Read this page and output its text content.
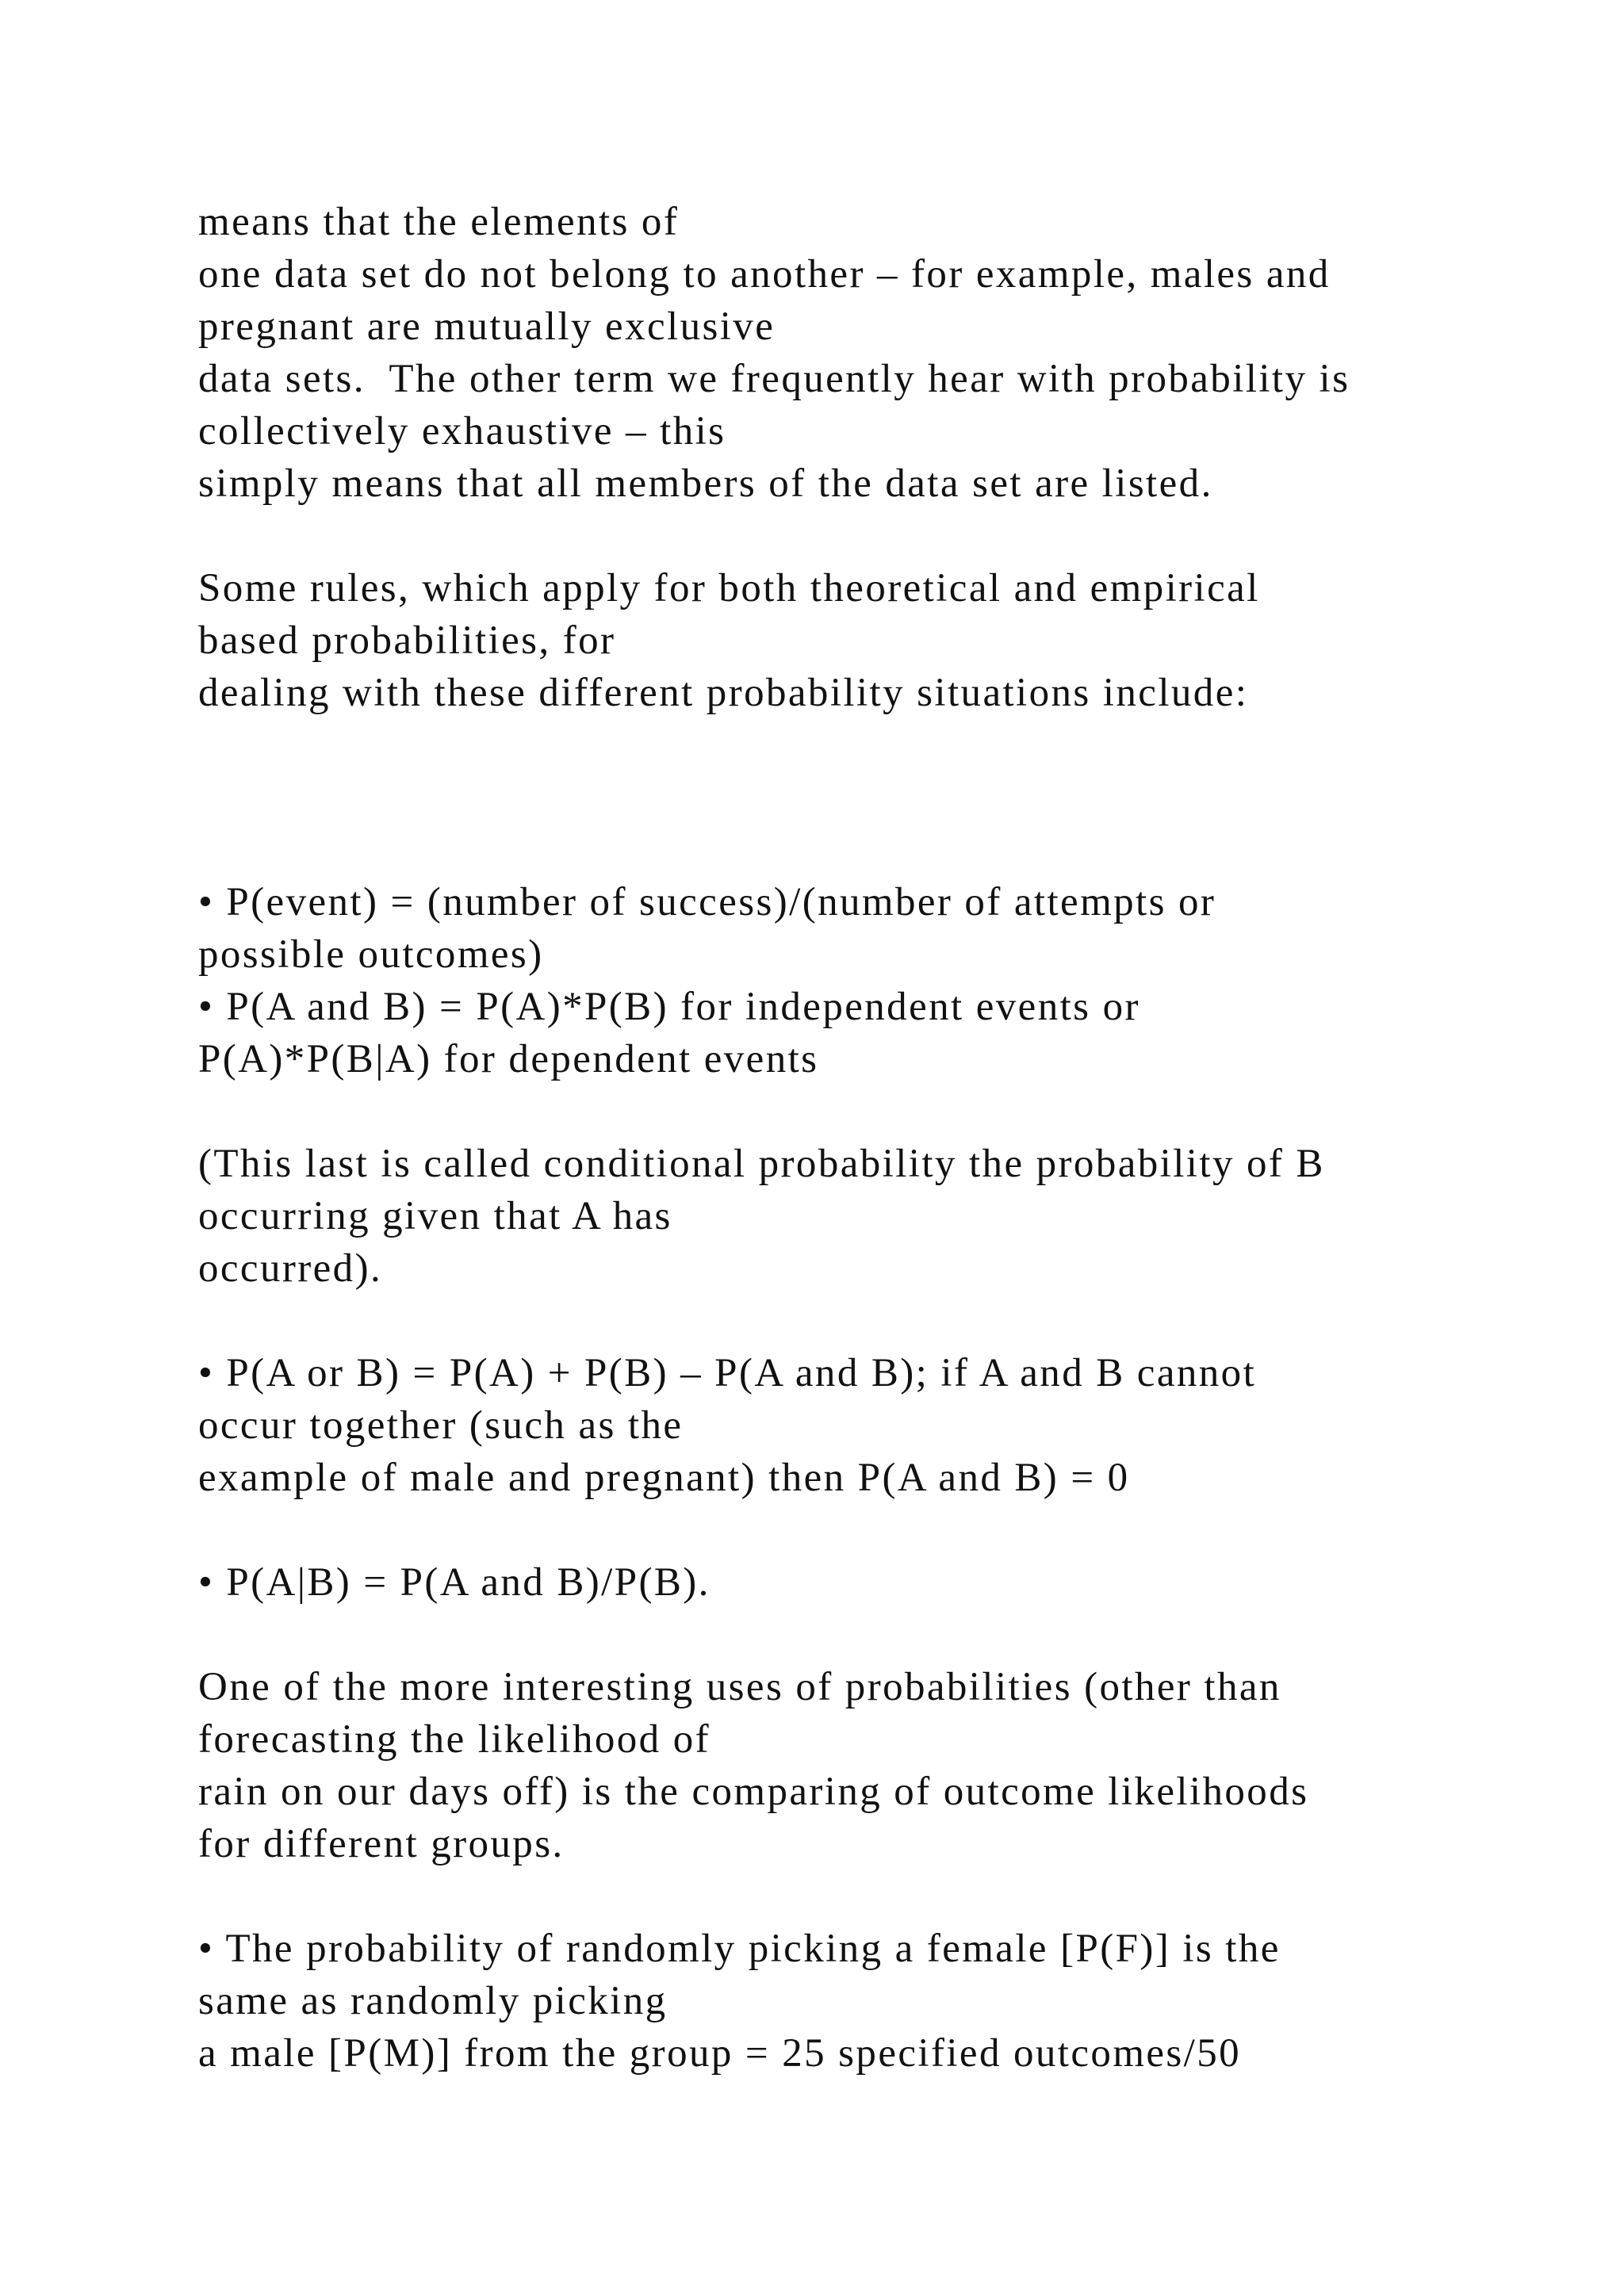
means that the elements of

one data set do not belong to another – for example, males and

pregnant are mutually exclusive

data sets.  The other term we frequently hear with probability is

collectively exhaustive – this

simply means that all members of the data set are listed.

Some rules, which apply for both theoretical and empirical

based probabilities, for

dealing with these different probability situations include:

• P(event) = (number of success)/(number of attempts or

possible outcomes)

• P(A and B) = P(A)*P(B) for independent events or

P(A)*P(B|A) for dependent events

(This last is called conditional probability the probability of B

occurring given that A has

occurred).

• P(A or B) = P(A) + P(B) – P(A and B); if A and B cannot

occur together (such as the

example of male and pregnant) then P(A and B) = 0

• P(A|B) = P(A and B)/P(B).

One of the more interesting uses of probabilities (other than

forecasting the likelihood of

rain on our days off) is the comparing of outcome likelihoods

for different groups.

• The probability of randomly picking a female [P(F)] is the

same as randomly picking

a male [P(M)] from the group = 25 specified outcomes/50
